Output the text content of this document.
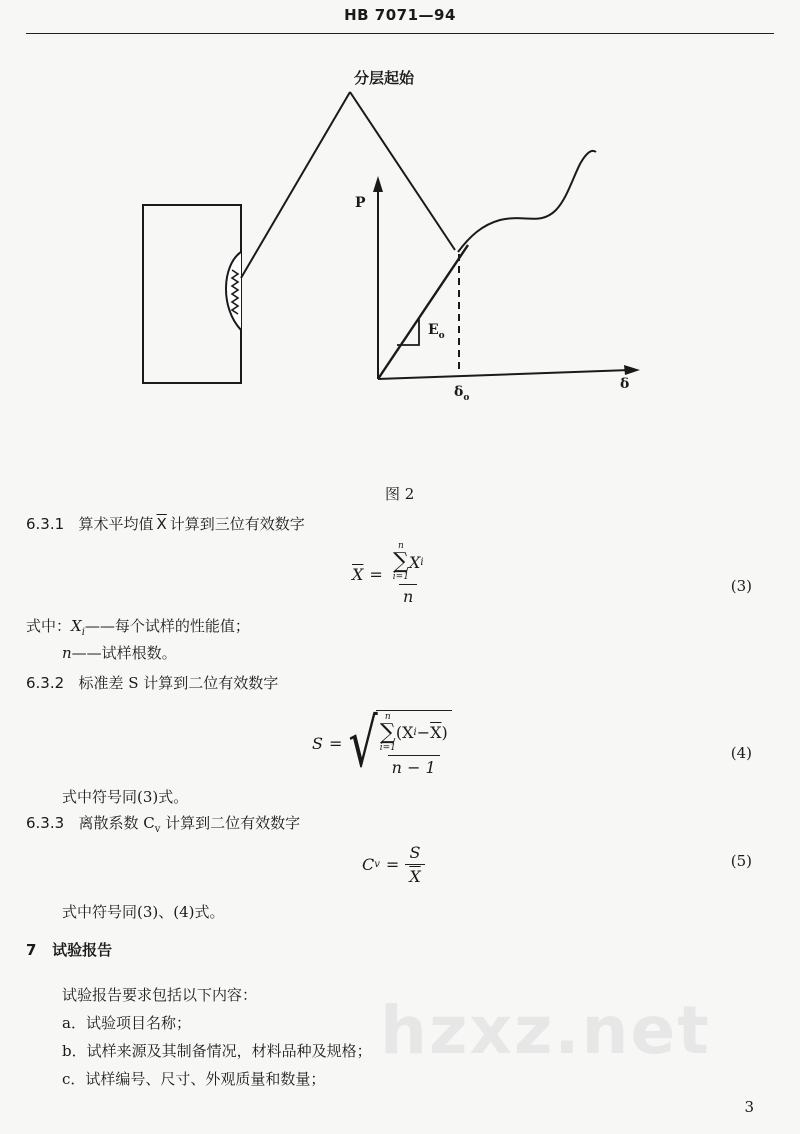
HB 7071—94
分层起始
P
δ
$E_o$
$\delta_o$
图 2
6.3.1 算术平均值 $\overline{X}$ 计算到三位有效数字
$\overline{X} = n$
∑
i=1
X i
n	(3)
式中：$X_i——$每个试样的性能值；
n——试样根数。
6.3.2 标准差 S 计算到二位有效数字
S = √
n
∑
i=1
(X $i - \overline{X}$ )
n − 1	(4)
式中符号同(3)式。
6.3.3 离散系数 $C_v$ 计算到二位有效数字
C $v = \frac{S}{X}$	(5)
式中符号同(3)、(4)式。
7 试验报告
试验报告要求包括以下内容：
a．试验项目名称；
b．试样来源及其制备情况，材料品种及规格；
c．试样编号、尺寸、外观质量和数量；
hzxz.net
3
